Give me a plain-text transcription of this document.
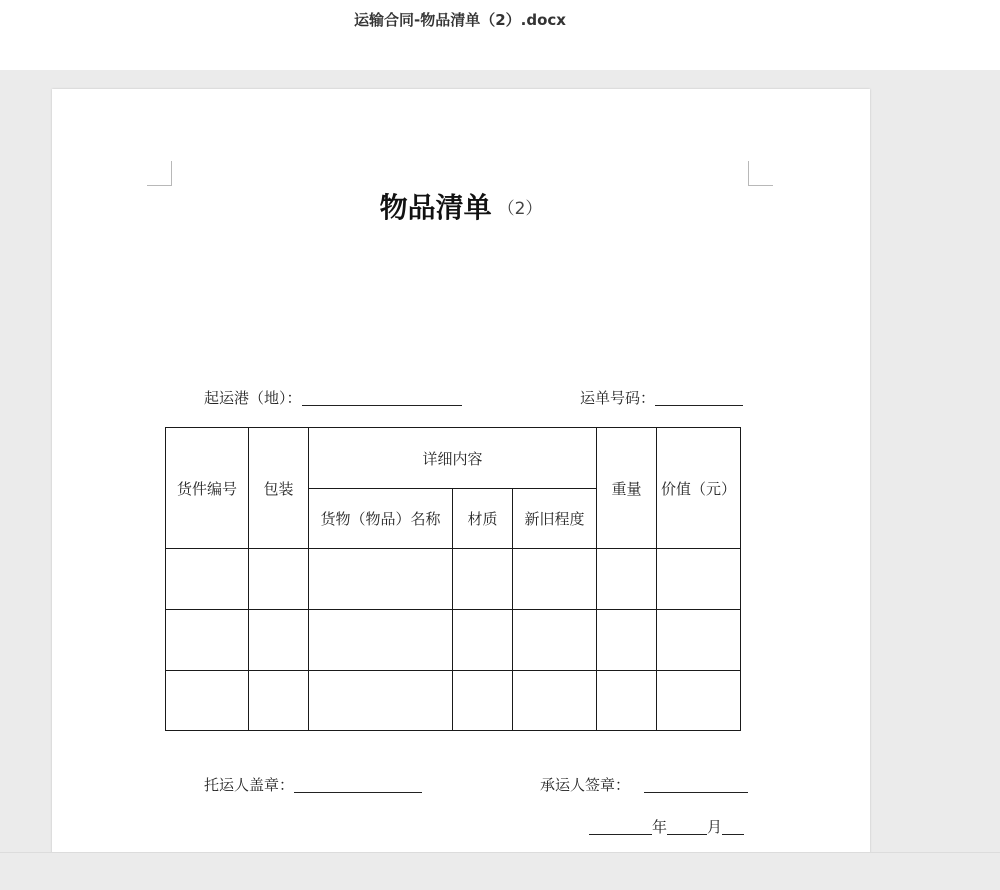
运输合同-物品清单（2）.docx
物品清单 （2）
起运港（地）：	运单号码：
货件编号	包装	详细内容			重量	价值（元）
		货物（物品）名称	材质	新旧程度		

托运人盖章：	承运人签章：
年	月
